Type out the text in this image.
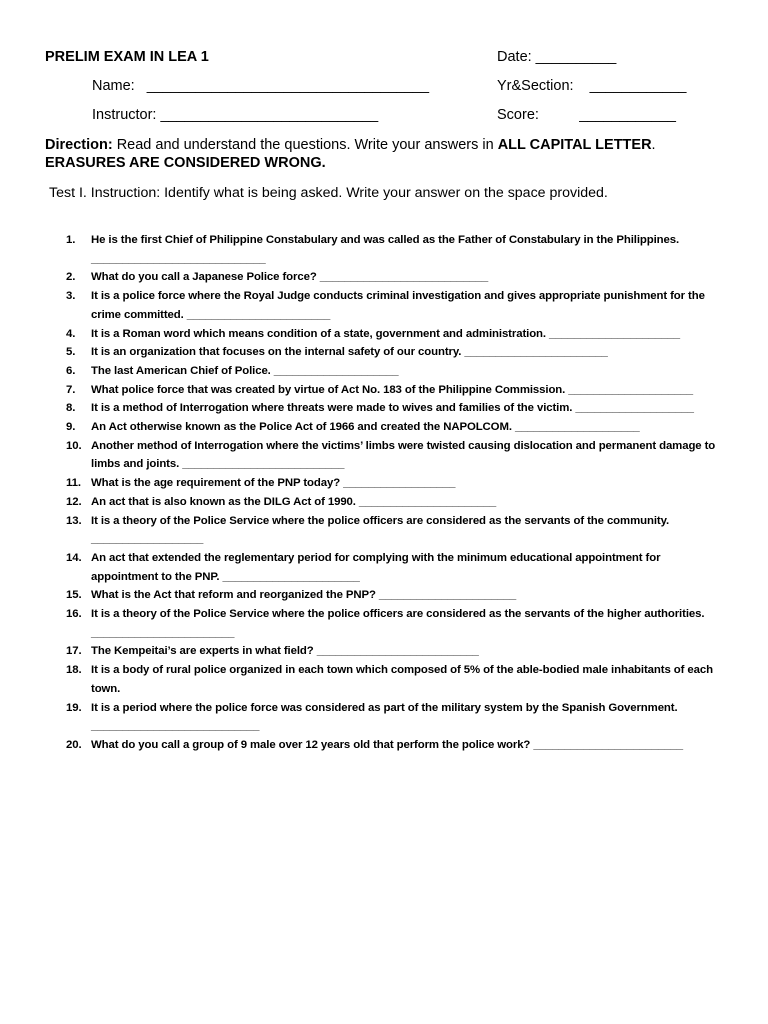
PRELIM EXAM IN LEA 1	Date: __________
Name:   ___________________________________	Yr&Section:    ____________
Instructor: ___________________________	Score:          ____________
Direction: Read and understand the questions. Write your answers in ALL CAPITAL LETTER.
ERASURES ARE CONSIDERED WRONG.
Test I. Instruction: Identify what is being asked. Write your answer on the space provided.
1. He is the first Chief of Philippine Constabulary and was called as the Father of Constabulary in the Philippines. ____________________________
2. What do you call a Japanese Police force? ___________________________
3. It is a police force where the Royal Judge conducts criminal investigation and gives appropriate punishment for the crime committed. _______________________
4. It is a Roman word which means condition of a state, government and administration. _____________________
5. It is an organization that focuses on the internal safety of our country. _______________________
6. The last American Chief of Police. ____________________
7. What police force that was created by virtue of Act No. 183 of the Philippine Commission. ____________________
8. It is a method of Interrogation where threats were made to wives and families of the victim. ___________________
9. An Act otherwise known as the Police Act of 1966 and created the NAPOLCOM. ____________________
10. Another method of Interrogation where the victims’ limbs were twisted causing dislocation and permanent damage to limbs and joints. __________________________
11. What is the age requirement of the PNP today? __________________
12. An act that is also known as the DILG Act of 1990. ______________________
13. It is a theory of the Police Service where the police officers are considered as the servants of the community. __________________
14. An act that extended the reglementary period for complying with the minimum educational appointment for appointment to the PNP. ______________________
15. What is the Act that reform and reorganized the PNP? ______________________
16. It is a theory of the Police Service where the police officers are considered as the servants of the higher authorities. _______________________
17. The Kempeitai’s are experts in what field? __________________________
18. It is a body of rural police organized in each town which composed of 5% of the able-bodied male inhabitants of each town.
19. It is a period where the police force was considered as part of the military system by the Spanish Government. ___________________________
20. What do you call a group of 9 male over 12 years old that perform the police work? ________________________
